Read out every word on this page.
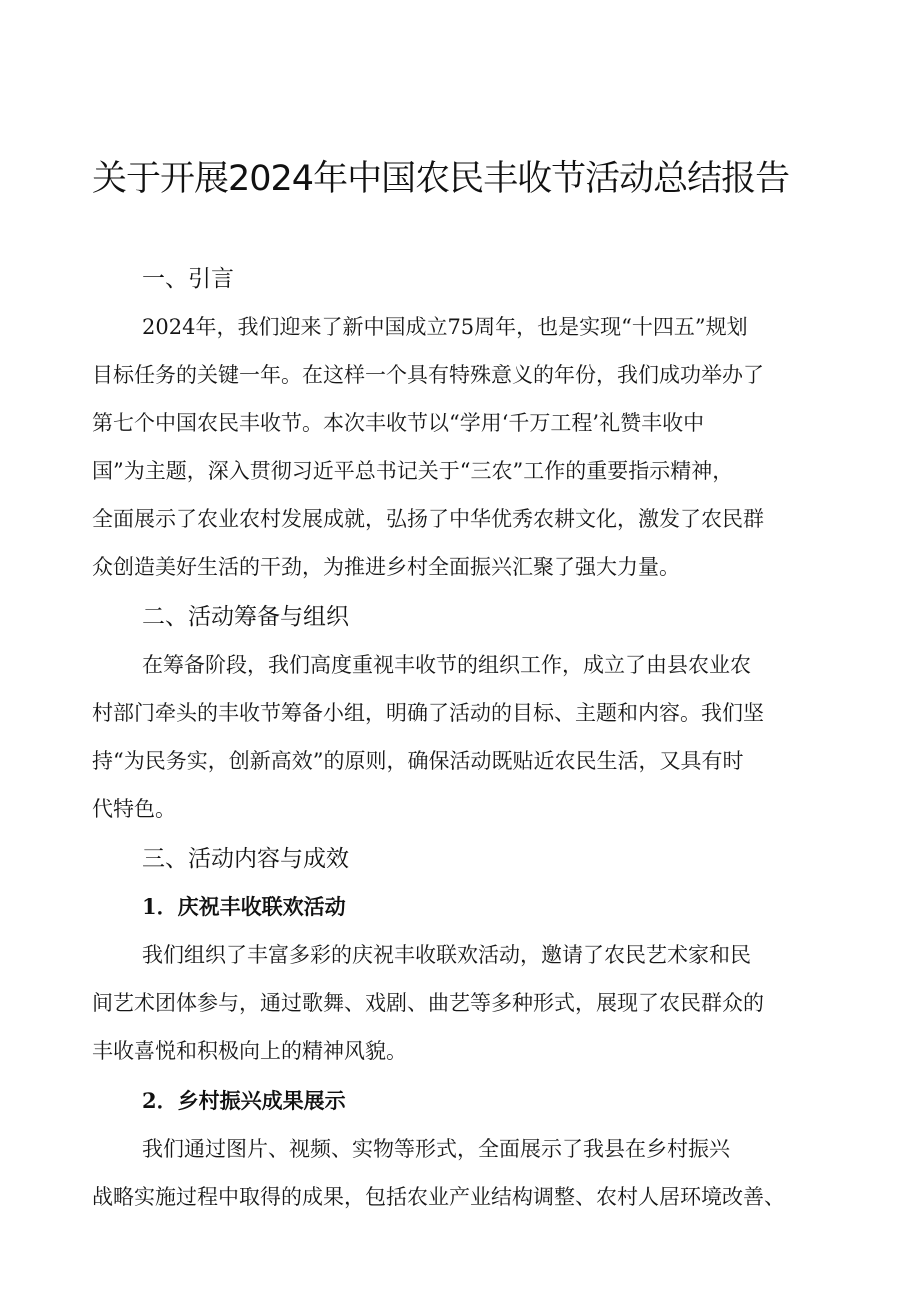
关于开展2024年中国农民丰收节活动总结报告
一、引言

2024年，我们迎来了新中国成立75周年，也是实现“十四五”规划

目标任务的关键一年。在这样一个具有特殊意义的年份，我们成功举办了

第七个中国农民丰收节。本次丰收节以“学用‘千万工程’礼赞丰收中

国”为主题，深入贯彻习近平总书记关于“三农”工作的重要指示精神，

全面展示了农业农村发展成就，弘扬了中华优秀农耕文化，激发了农民群

众创造美好生活的干劲，为推进乡村全面振兴汇聚了强大力量。

二、活动筹备与组织

在筹备阶段，我们高度重视丰收节的组织工作，成立了由县农业农

村部门牵头的丰收节筹备小组，明确了活动的目标、主题和内容。我们坚

持“为民务实，创新高效”的原则，确保活动既贴近农民生活，又具有时

代特色。

三、活动内容与成效
1．庆祝丰收联欢活动

我们组织了丰富多彩的庆祝丰收联欢活动，邀请了农民艺术家和民

间艺术团体参与，通过歌舞、戏剧、曲艺等多种形式，展现了农民群众的

丰收喜悦和积极向上的精神风貌。

2．乡村振兴成果展示

我们通过图片、视频、实物等形式，全面展示了我县在乡村振兴

战略实施过程中取得的成果，包括农业产业结构调整、农村人居环境改善、
